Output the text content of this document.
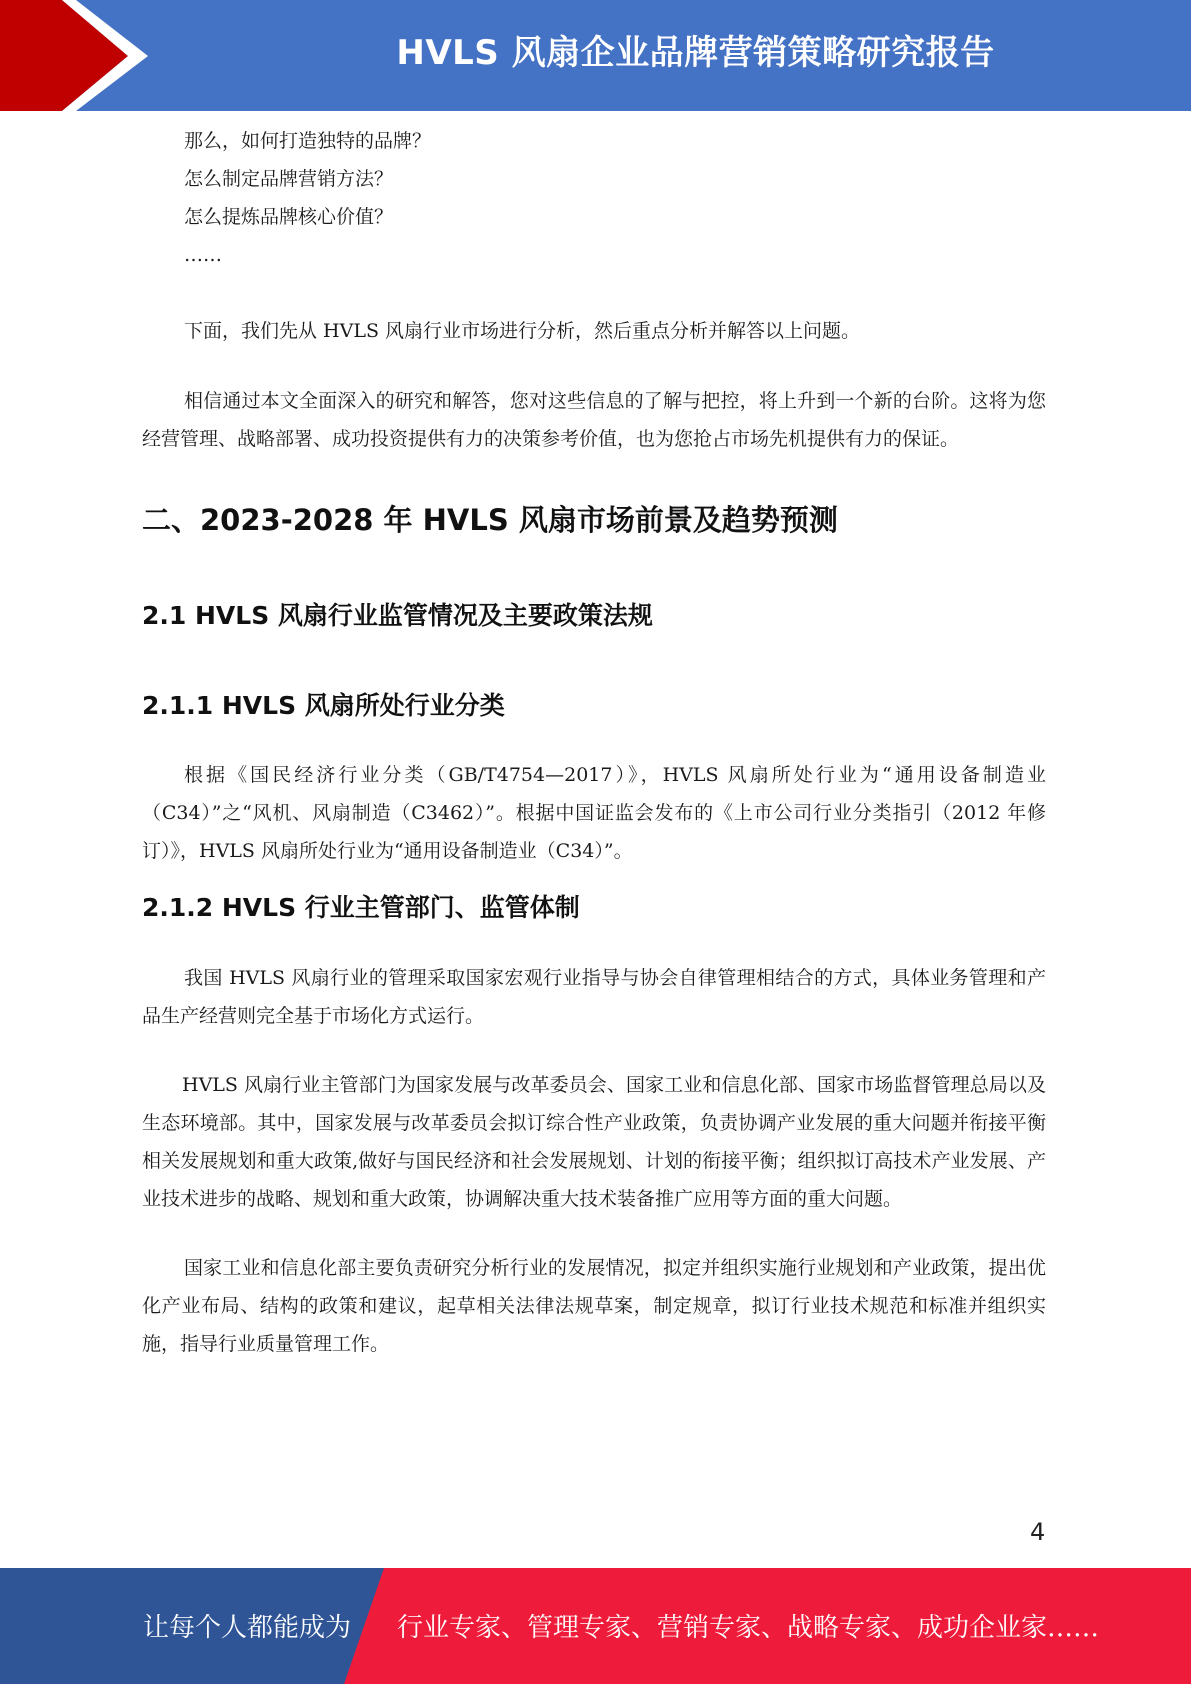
HVLS 风扇企业品牌营销策略研究报告

那么，如何打造独特的品牌？

怎么制定品牌营销方法？

怎么提炼品牌核心价值？

……

下面，我们先从 HVLS 风扇行业市场进行分析，然后重点分析并解答以上问题。

相信通过本文全面深入的研究和解答，您对这些信息的了解与把控，将上升到一个新的台阶。这将为您经营管理、战略部署、成功投资提供有力的决策参考价值，也为您抢占市场先机提供有力的保证。

二、2023-2028 年 HVLS 风扇市场前景及趋势预测
2.1 HVLS 风扇行业监管情况及主要政策法规
2.1.1 HVLS 风扇所处行业分类

根据《国民经济行业分类（GB/T4754—2017）》，HVLS 风扇所处行业为“通用设备制造业（C34）”之“风机、风扇制造（C3462）”。根据中国证监会发布的《上市公司行业分类指引（2012 年修订）》，HVLS 风扇所处行业为“通用设备制造业（C34）”。

2.1.2 HVLS 行业主管部门、监管体制

我国 HVLS 风扇行业的管理采取国家宏观行业指导与协会自律管理相结合的方式，具体业务管理和产品生产经营则完全基于市场化方式运行。

HVLS 风扇行业主管部门为国家发展与改革委员会、国家工业和信息化部、国家市场监督管理总局以及生态环境部。其中，国家发展与改革委员会拟订综合性产业政策，负责协调产业发展的重大问题并衔接平衡相关发展规划和重大政策,做好与国民经济和社会发展规划、计划的衔接平衡；组织拟订高技术产业发展、产业技术进步的战略、规划和重大政策，协调解决重大技术装备推广应用等方面的重大问题。

国家工业和信息化部主要负责研究分析行业的发展情况，拟定并组织实施行业规划和产业政策，提出优化产业布局、结构的政策和建议，起草相关法律法规草案，制定规章，拟订行业技术规范和标准并组织实施，指导行业质量管理工作。

4
让每个人都能成为 行业专家、管理专家、营销专家、战略专家、成功企业家……
